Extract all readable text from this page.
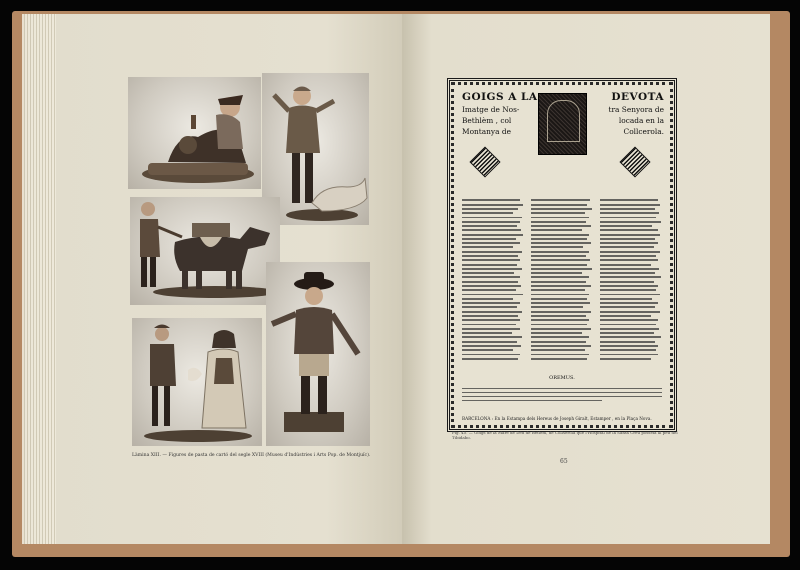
Làmina XIII. — Figures de pasta de cartó del segle XVIII (Museu d'Indústries i Arts Pop. de Montjuïc).
GOIGS A LA	DEVOTA
Imatge de Nos-
Bethlèm , col
Montanya de
tra Senyora de
locada en la
Collcerola.
OREMUS.
BARCELONA : En la Estampa dels Hereus de Joseph Giralt, Estamper , en la Plaça Nova.
Fig. 45. — Goigs de la Mare de Déu de Betlem, de Collserola que l'Hospital de la Santa Creu posseïa al peu del Tibidabo.
65
